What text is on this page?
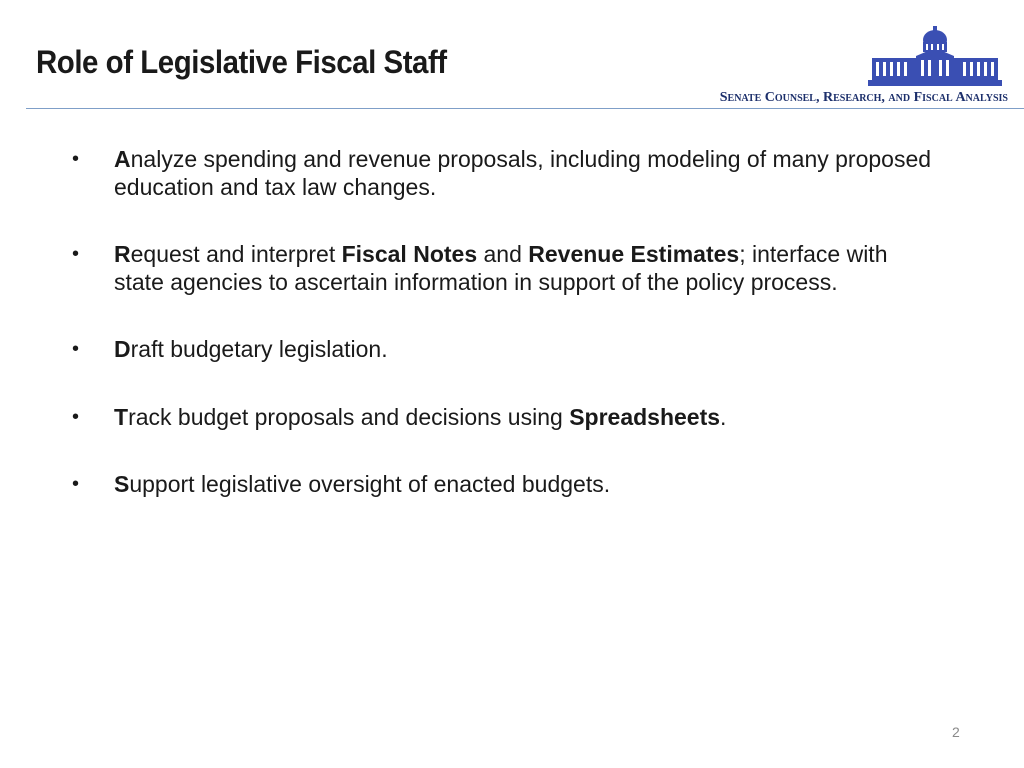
Role of Legislative Fiscal Staff
Senate Counsel, Research, and Fiscal Analysis
• Analyze spending and revenue proposals, including modeling of many proposed education and tax law changes.
• Request and interpret Fiscal Notes and Revenue Estimates; interface with state agencies to ascertain information in support of the policy process.
• Draft budgetary legislation.
• Track budget proposals and decisions using Spreadsheets.
• Support legislative oversight of enacted budgets.
2
